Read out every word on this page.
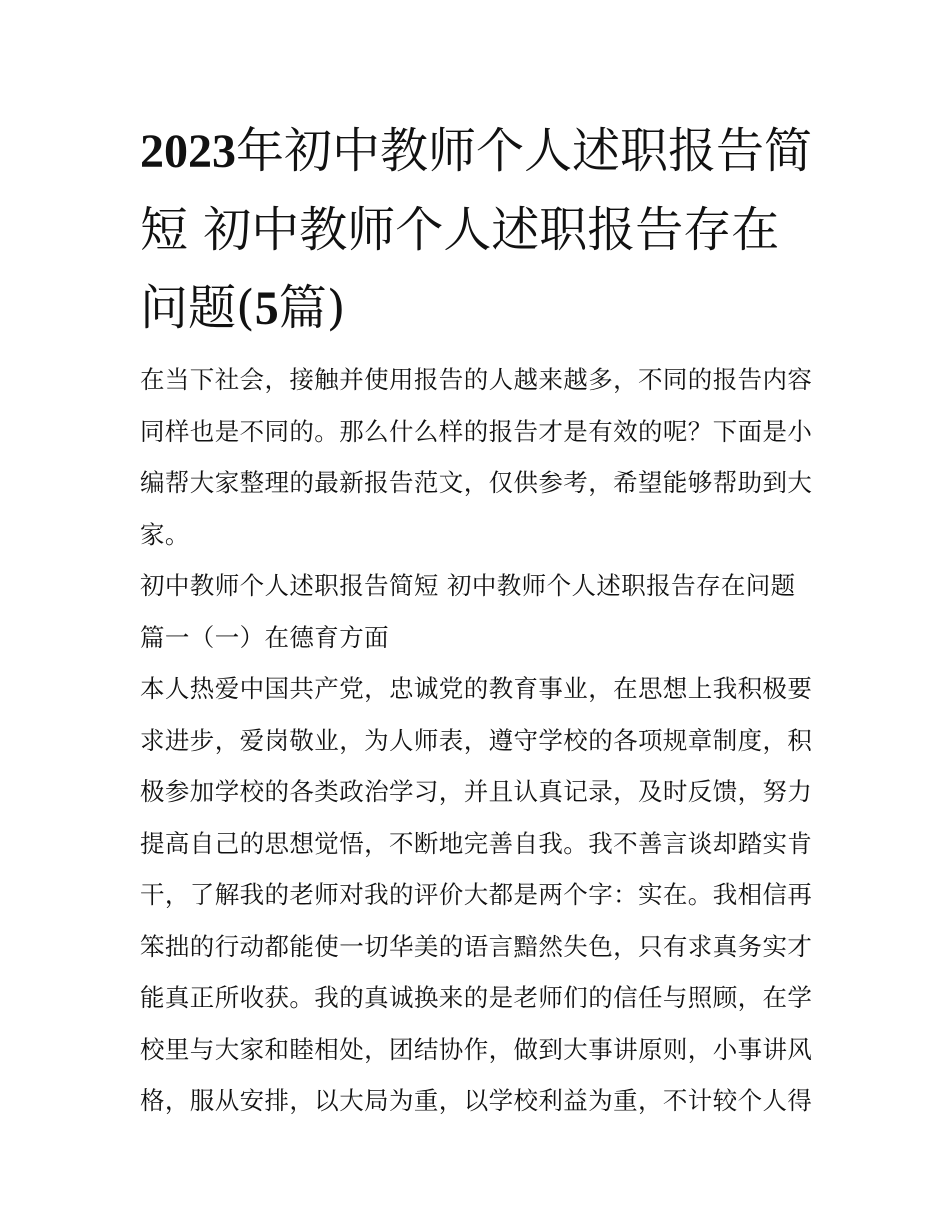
2023年初中教师个人述职报告简短 初中教师个人述职报告存在问题(5篇)

在当下社会，接触并使用报告的人越来越多，不同的报告内容同样也是不同的。那么什么样的报告才是有效的呢？下面是小编帮大家整理的最新报告范文，仅供参考，希望能够帮助到大家。

初中教师个人述职报告简短 初中教师个人述职报告存在问题

篇一（一）在德育方面

本人热爱中国共产党，忠诚党的教育事业，在思想上我积极要求进步，爱岗敬业，为人师表，遵守学校的各项规章制度，积极参加学校的各类政治学习，并且认真记录，及时反馈，努力提高自己的思想觉悟，不断地完善自我。我不善言谈却踏实肯干，了解我的老师对我的评价大都是两个字：实在。我相信再笨拙的行动都能使一切华美的语言黯然失色，只有求真务实才能真正所收获。我的真诚换来的是老师们的信任与照顾，在学校里与大家和睦相处，团结协作，做到大事讲原则，小事讲风格，服从安排，以大局为重，以学校利益为重，不计较个人得
